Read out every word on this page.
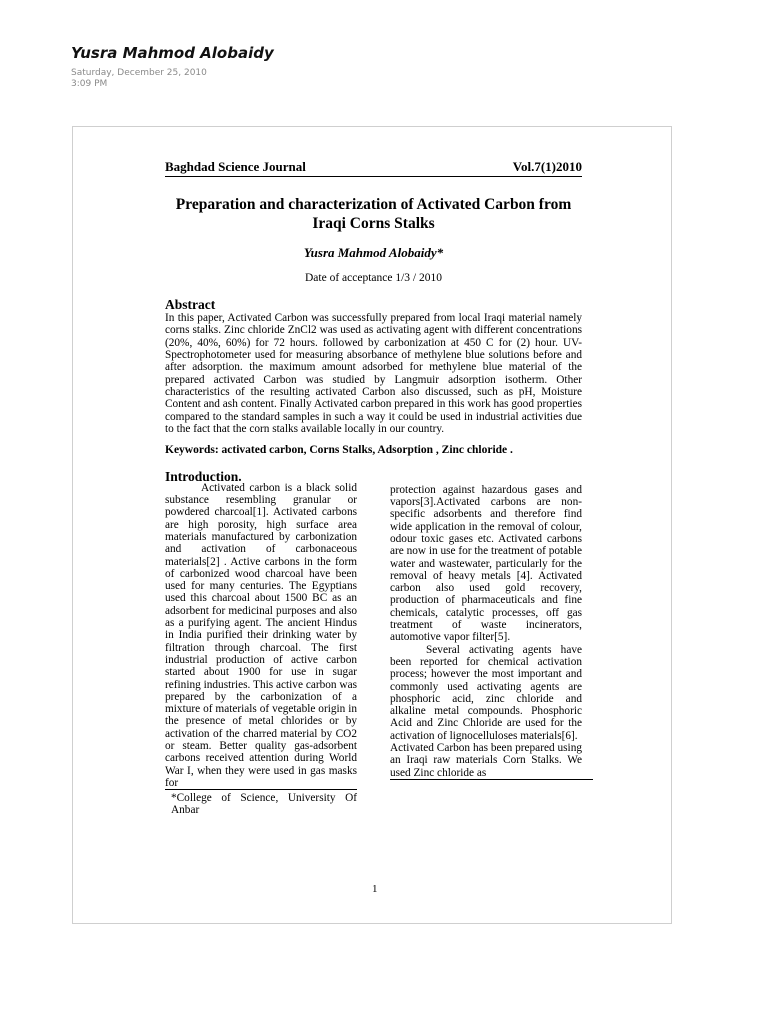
Yusra Mahmod Alobaidy
Saturday, December 25, 2010
3:09 PM
Baghdad Science Journal	Vol.7(1)2010
Preparation and characterization of Activated Carbon from
Iraqi Corns Stalks
Yusra Mahmod Alobaidy*
Date of acceptance 1/3 / 2010
Abstract
In this paper, Activated Carbon was successfully prepared from local Iraqi material namely corns stalks. Zinc chloride ZnCl2 was used as activating agent with different concentrations (20%, 40%, 60%) for 72 hours. followed by carbonization at 450 C for (2) hour. UV-Spectrophotometer used for measuring absorbance of methylene blue solutions before and after adsorption. the maximum amount adsorbed for methylene blue material of the prepared activated Carbon was studied by Langmuir adsorption isotherm. Other characteristics of the resulting activated Carbon also discussed, such as pH, Moisture Content and ash content. Finally Activated carbon prepared in this work has good properties compared to the standard samples in such a way it could be used in industrial activities due to the fact that the corn stalks available locally in our country.
Keywords: activated carbon, Corns Stalks, Adsorption , Zinc chloride .
Introduction.

Activated carbon is a black solid substance resembling granular or powdered charcoal[1]. Activated carbons are high porosity, high surface area materials manufactured by carbonization and activation of carbonaceous materials[2] . Active carbons in the form of carbonized wood charcoal have been used for many centuries. The Egyptians used this charcoal about 1500 BC as an adsorbent for medicinal purposes and also as a purifying agent. The ancient Hindus in India purified their drinking water by filtration through charcoal. The first industrial production of active carbon started about 1900 for use in sugar refining industries. This active carbon was prepared by the carbonization of a mixture of materials of vegetable origin in the presence of metal chlorides or by activation of the charred material by CO2 or steam. Better quality gas-adsorbent carbons received attention during World War I, when they were used in gas masks for

*College of Science, University Of Anbar

protection against hazardous gases and vapors[3].Activated carbons are non-specific adsorbents and therefore find wide application in the removal of colour, odour toxic gases etc. Activated carbons are now in use for the treatment of potable water and wastewater, particularly for the removal of heavy metals [4]. Activated carbon also used gold recovery, production of pharmaceuticals and fine chemicals, catalytic processes, off gas treatment of waste incinerators, automotive vapor filter[5].

Several activating agents have been reported for chemical activation process; however the most important and commonly used activating agents are phosphoric acid, zinc chloride and alkaline metal compounds. Phosphoric Acid and Zinc Chloride are used for the activation of lignocelluloses materials[6].

Activated Carbon has been prepared using an Iraqi raw materials Corn Stalks. We used Zinc chloride as

1
